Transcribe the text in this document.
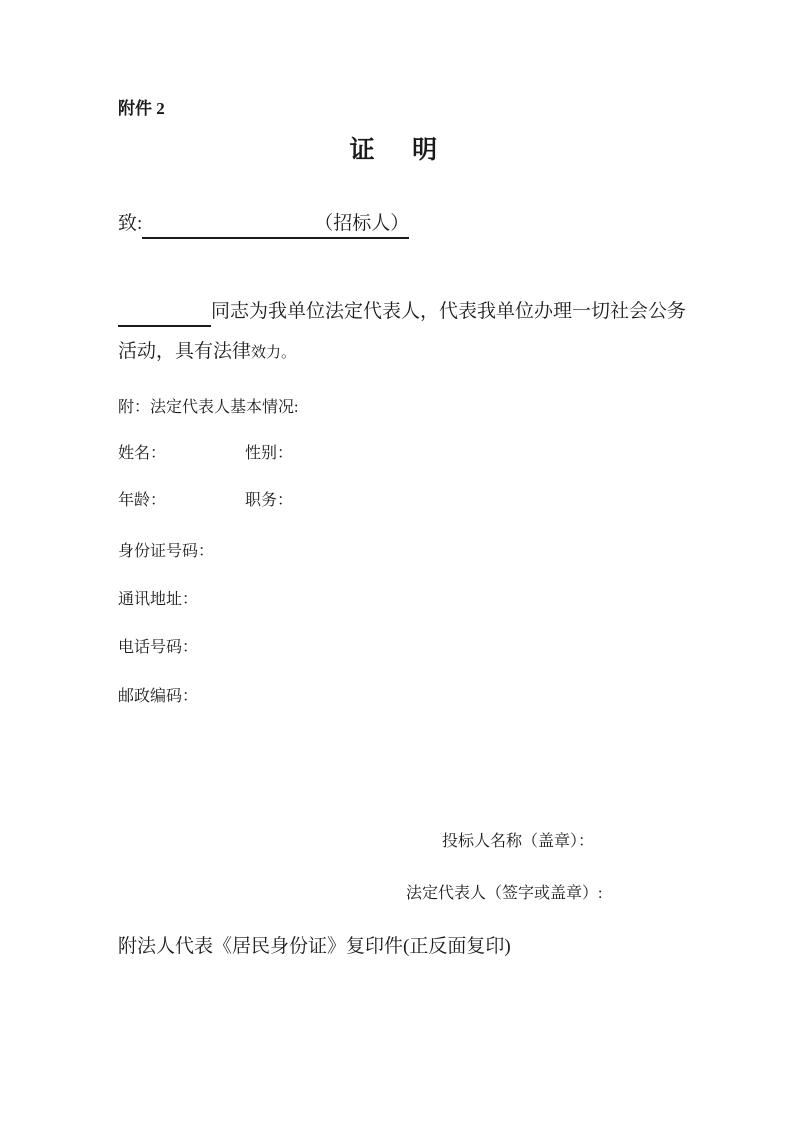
附件 2
证　明
致:	（招标人）
同志为我单位法定代表人，代表我单位办理一切社会公务
活动，具有法律效力。
附：法定代表人基本情况:
姓名：	性别：
年龄：	职务：
身份证号码：
通讯地址：
电话号码：
邮政编码：
投标人名称（盖章）：
法定代表人（签字或盖章）:
附法人代表《居民身份证》复印件(正反面复印)
